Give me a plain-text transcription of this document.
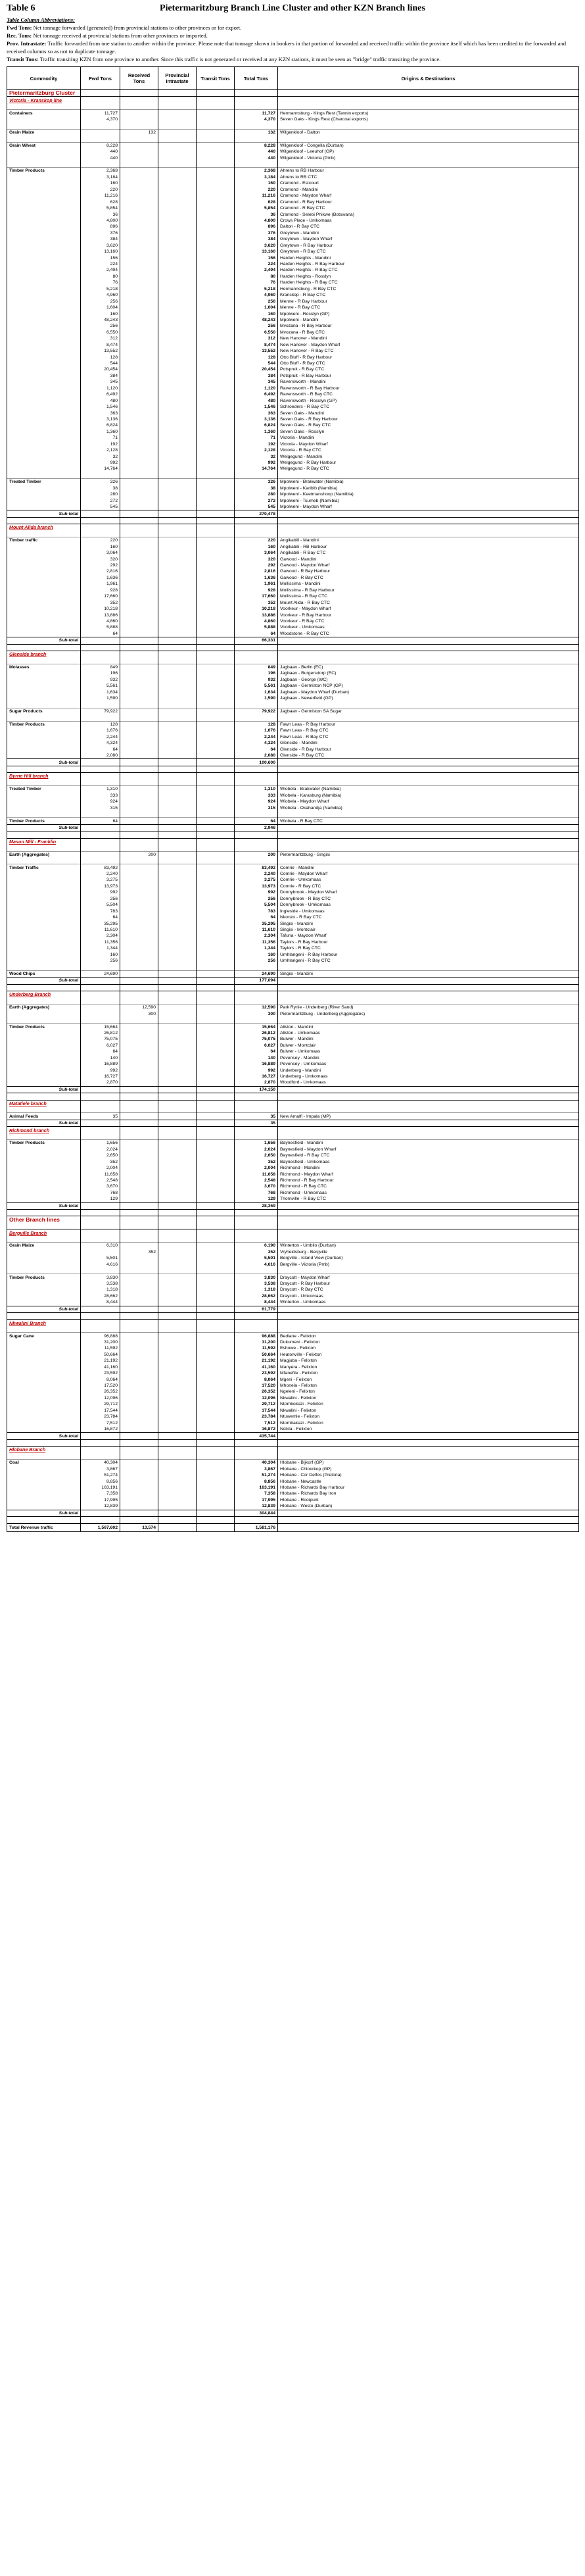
Table 6	Pietermaritzburg Branch Line Cluster and other KZN Branch lines
Table Column Abbreviations:
Fwd Tons: Net tonnage forwarded (generated) from provincial stations to other provinces or for export.
Rec. Tons: Net tonnage received at provincial stations from other provinces or imported.
Prov. Intrastate: Traffic forwarded from one station to another within the province. Please note that tonnage shown in bookers in that portion of forwarded and received traffic within the province itself which has been credited to the forwarded and received columns so as not to duplicate tonnage.
Transit Tons: Traffic transiting KZN from one province to another. Since this traffic is not generated or received at any KZN stations, it must be seen as "bridge" traffic transiting the province.
Commodity	Fwd Tons	Received Tons	Provincial Intrastate	Transit Tons	Total Tons	Origins & Destinations
Pietermaritzburg Cluster						
Victoria - Kranskop line						

Containers	11,727				11,727	Hermannsburg - Kings Rest (Tannin exports)
	4,370				4,370	Seven Oaks - Kings Rest (Charcoal exports)

Grain Maize		132			132	Wilgenkloof - Dalton

Grain Wheat	8,228				8,228	Wilgenkloof - Congella (Durban)
	440				440	Wilgenkloof - Leeuhof (GP)
	440				440	Wilgenkloof - Victoria (Pmb)

Timber Products	2,368				2,368	Ahrens to RB Harbour
	3,184				3,184	Ahrens to RB CTC
	160				160	Cramond - Estcourt
	220				220	Cramond - Mandini
	11,216				11,216	Cramond - Maydon Wharf
	628				628	Cramond - R Bay Harbour
	5,854				5,854	Cramond - R Bay CTC
	36				36	Cramond - Selebi Phikwe (Botswana)
	4,800				4,800	Crows Place - Umkomaas
	896				896	Dalton - R Bay CTC
	376				376	Greytown - Mandini
	384				384	Greytown - Maydon Wharf
	3,620				3,620	Greytown - R Bay Harbour
	13,160				13,160	Greytown - R Bay CTC
	156				156	Harden Heights - Mandini
	224				224	Harden Heights - R Bay Harbour
	2,494				2,494	Harden Heights - R Bay CTC
	80				80	Harden Heights - Rosslyn
	76				76	Harden Heights - R Bay CTC
	5,218				5,218	Hermannsburg - R Bay CTC
	4,960				4,960	Kranskop - R Bay CTC
	256				256	Menne - R Bay Harbour
	1,604				1,604	Menne - R Bay CTC
	160				160	Mpolweni - Rosslyn (GP)
	48,243				48,243	Mpolweni - Mandini
	256				256	Mvozana - R Bay Harbour
	6,550				6,550	Mvozana - R Bay CTC
	312				312	New Hanover - Mandini
	8,474				8,474	New Hanover - Maydon Wharf
	13,552				13,552	New Hanover - R Bay CTC
	128				128	Otto Bluff - R Bay Harbour
	544				544	Otto Bluff - R Bay CTC
	20,454				20,454	Potspruit - R Bay CTC
	384				384	Potspruit - R Bay Harbour
	345				345	Ravensworth - Mandini
	1,120				1,120	Ravensworth - R Bay Harbour
	6,492				6,492	Ravensworth - R Bay CTC
	480				480	Ravensworth - Rosslyn (GP)
	1,546				1,546	Schroeders - R Bay CTC
	363				363	Seven Oaks - Mandini
	3,136				3,136	Seven Oaks - R Bay Harbour
	6,824				6,824	Seven Oaks - R Bay CTC
	1,360				1,360	Seven Oaks - Rosslyn
	71				71	Victoria - Mandini
	192				192	Victoria - Maydon Wharf
	2,128				2,128	Victoria - R Bay CTC
	32				32	Welgegund - Mandini
	992				992	Welgegund - R Bay Harbour
	14,764				14,764	Welgegund - R Bay CTC

Treated Timber	326				326	Mpolweni - Brakwater (Namibia)
	38				38	Mpolweni - Karibib (Namibia)
	280				280	Mpolweni - Keetmanshoop (Namibia)
	272				272	Mpolweni - Tsumeb (Namibia)
	545				545	Mpolweni - Maydon Wharf
Sub-total					270,478	

Mount Alida branch						

Timber traffic	220				220	Angikabili - Mandini
	160				160	Angikabili - RB Harbour
	3,064				3,064	Angikabili - R Bay CTC
	320				320	Gawood - Mandini
	292				292	Gawood - Maydon Wharf
	2,816				2,816	Gawood - R Bay Harbour
	1,636				1,636	Gawood - R Bay CTC
	1,961				1,961	Mollissima - Mandini
	928				928	Mollissima - R Bay Harbour
	17,660				17,660	Mollissima - R Bay CTC
	352				352	Mount Alida - R Bay CTC
	10,218				10,218	Voorkeur - Maydon Wharf
	13,886				13,886	Voorkeur - R Bay Harbour
	4,860				4,860	Voorkeur - R Bay CTC
	5,888				5,888	Voorkeur - Umkomaas
	64				64	Woodstone - R Bay CTC
Sub-total					66,331	

Glenside branch						

Molasses	849				849	Jagbaan - Berlin (EC)
	196				196	Jagbaan - Burgersdorp (EC)
	932				932	Jagbaan - George (WC)
	5,561				5,561	Jagbaan - Germiston NCP (GP)
	1,634				1,634	Jagbaan - Maydon Wharf (Durban)
	1,590				1,590	Jagbaan - Newerfield (GP)

Sugar Products	79,922				79,922	Jagbaan - Germiston SA Sugar

Timber Products	128				128	Fawn Leas - R Bay Harbour
	1,676				1,676	Fawn Leas - R Bay CTC
	2,244				2,244	Fawn Leas - R Bay CTC
	4,324				4,324	Glenside - Mandini
	64				64	Glenside - R Bay Harbour
	2,080				2,080	Glenside - R Bay CTC
Sub-total					100,600	

Byrne Hill branch						

Treated Timber	1,310				1,310	Wiobela - Brakwater (Namibia)
	333				333	Wiobela - Karasburg (Namibia)
	924				924	Wiobela - Maydon Wharf
	315				315	Wiobela - Okahandja (Namibia)

Timber Products	64				64	Wiobela - R Bay CTC
Sub-total					2,946	

Mason Mill - Franklin						

Earth (Aggregates)		200			200	Pietermaritzburg - Singisi

Timber Traffic	83,492				83,492	Comrie - Mandini
	2,240				2,240	Comrie - Maydon Wharf
	3,275				3,275	Comrie - Umkomaas
	13,973				13,973	Comrie - R Bay CTC
	992				992	Donnybrook - Maydon Wharf
	256				256	Donnybrook - R Bay CTC
	5,504				5,504	Donnybrook - Umkomaas
	783				783	Ingleside - Umkomaas
	64				64	Nkonzo - R Bay CTC
	35,295				35,295	Singisi - Mandini
	11,610				11,610	Singisi - Montclair
	2,304				2,304	Tafuna - Maydon Wharf
	11,356				11,356	Taylors - R Bay Harbour
	1,344				1,344	Taylors - R Bay CTC
	160				160	Umhlangeni - R Bay Harbour
	256				256	Umhlangeni - R Bay CTC

Wood Chips	24,690				24,690	Singisi - Mandini
Sub-total					177,094	

Underberg Branch						

Earth (Aggregates)		12,590			12,590	Park Rynie - Underberg (River Sand)
		300			300	Pietermaritzburg - Underberg (Aggregates)

Timber Products	15,664				15,664	Allston - Mandini
	26,812				26,812	Allston - Umkomaas
	75,075				75,075	Bulwer - Mandini
	6,027				6,027	Bulwer - Montclair
	64				64	Bulwer - Umkomaas
	140				140	Pevensey - Mandini
	16,889				16,889	Pevensey - Umkomaas
	992				992	Underberg - Mandini
	16,727				16,727	Underberg - Umkomaas
	2,870				2,870	Woodford - Umkomaas
Sub-total					174,150	

Matatiele branch						

Animal Feeds	35				35	New Amalfi - Impala (MP)
Sub-total					35	
Richmond branch						

Timber Products	1,656				1,656	Baynesfield - Mandini
	2,024				2,024	Baynesfield - Maydon Wharf
	2,650				2,650	Baynesfield - R Bay CTC
	352				352	Baynesfield - Umkomaas
	2,004				2,004	Richmond - Mandini
	11,658				11,658	Richmond - Maydon Wharf
	2,548				2,548	Richmond - R Bay Harbour
	3,670				3,670	Richmond - R Bay CTC
	768				768	Richmond - Umkomaas
	129				129	Thornville - R Bay CTC
Sub-total					28,359	

Other Branch lines						

Bergville Branch						

Grain Maize	6,310				6,190	Winterton - Umbilo (Durban)
		352			352	Vryheidsburg - Bergville
	5,501				5,501	Bergville - Island View (Durban)
	4,616				4,616	Bergville - Victoria (Pmb)

Timber Products	3,830				3,830	Draycott - Maydon Wharf
	3,538				3,538	Draycott - R Bay Harbour
	1,318				1,318	Draycott - R Bay CTC
	28,662				28,662	Draycott - Umkomaas
	8,444				8,444	Winterton - Umkomaas
Sub-total					61,779	

Nkwalini Branch						

Sugar Cane	96,888				96,888	Bedlane - Felixton
	31,200				31,200	Dukumeni - Felixton
	11,592				11,592	Eshowe - Felixton
	50,664				50,664	Heatonville - Felixton
	21,192				21,192	Magjuba - Felixton
	41,160				41,160	Manyera - Felixton
	23,592				23,592	Mfanefile - Felixton
	8,064				8,064	Mgeni - Felixton
	17,520				17,520	Mhonela - Felixton
	26,352				26,352	Ngeleni - Felixton
	12,096				12,096	Nkwalini - Felixton
	29,712				29,712	Ntombokazi - Felixton
	17,544				17,544	Nkwalini - Felixton
	23,784				23,784	Ntuwemle - Felixton
	7,512				7,512	Ntombakazi - Felixton
	16,872				16,872	Ncikla - Felixton
Sub-total					435,744	

Hlobane Branch						

Coal	40,304				40,304	Hlobane - Bijkorf (GP)
	3,867				3,867	Hlobane - Chloorkop (GP)
	51,274				51,274	Hlobane - Cor Delfos (Pretoria)
	8,856				8,856	Hlobane - Newcastle
	163,191				163,191	Hlobane - Richards Bay Harbour
	7,358				7,358	Hlobane - Richards Bay Iron
	17,995				17,995	Hlobane - Rooipunt
	12,839				12,839	Hlobane - Westo (Durban)
Sub-total					304,844	

Total Revenue traffic	1,567,602	13,574			1,581,176	
